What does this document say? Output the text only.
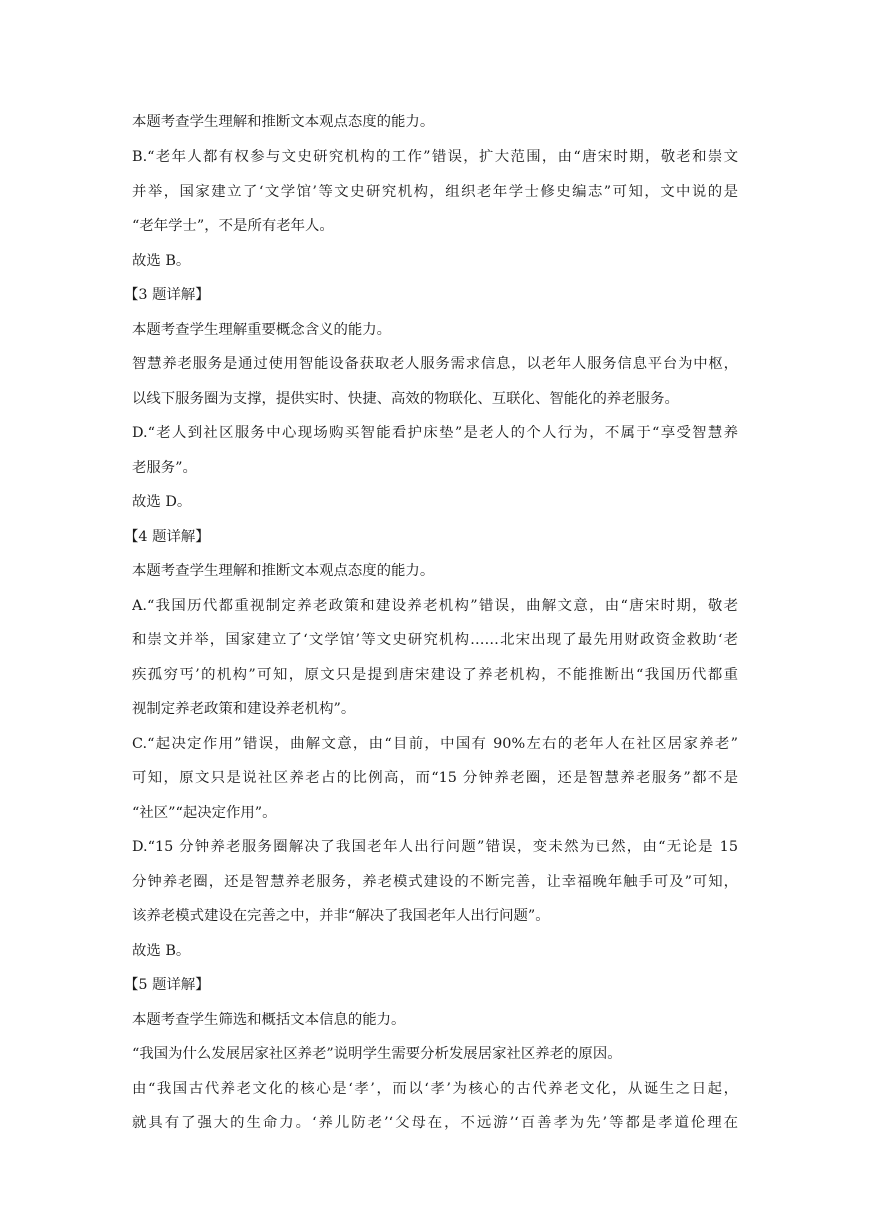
本题考查学生理解和推断文本观点态度的能力。
B.“老年人都有权参与文史研究机构的工作”错误，扩大范围，由“唐宋时期，敬老和崇文
并举，国家建立了‘文学馆’等文史研究机构，组织老年学士修史编志”可知，文中说的是
“老年学士”，不是所有老年人。
故选 B。
【3 题详解】
本题考查学生理解重要概念含义的能力。
智慧养老服务是通过使用智能设备获取老人服务需求信息，以老年人服务信息平台为中枢，
以线下服务圈为支撑，提供实时、快捷、高效的物联化、互联化、智能化的养老服务。
D.“老人到社区服务中心现场购买智能看护床垫”是老人的个人行为，不属于“享受智慧养
老服务”。
故选 D。
【4 题详解】
本题考查学生理解和推断文本观点态度的能力。
A.“我国历代都重视制定养老政策和建设养老机构”错误，曲解文意，由“唐宋时期，敬老
和崇文并举，国家建立了‘文学馆’等文史研究机构……北宋出现了最先用财政资金救助‘老
疾孤穷丐’的机构”可知，原文只是提到唐宋建设了养老机构，不能推断出“我国历代都重
视制定养老政策和建设养老机构”。
C.“起决定作用”错误，曲解文意，由“目前，中国有 90%左右的老年人在社区居家养老”
可知，原文只是说社区养老占的比例高，而“15 分钟养老圈，还是智慧养老服务”都不是
“社区”“起决定作用”。
D.“15 分钟养老服务圈解决了我国老年人出行问题”错误，变未然为已然，由“无论是 15
分钟养老圈，还是智慧养老服务，养老模式建设的不断完善，让幸福晚年触手可及”可知，
该养老模式建设在完善之中，并非“解决了我国老年人出行问题”。
故选 B。
【5 题详解】
本题考查学生筛选和概括文本信息的能力。
“我国为什么发展居家社区养老”说明学生需要分析发展居家社区养老的原因。
由“我国古代养老文化的核心是‘孝’，而以‘孝’为核心的古代养老文化，从诞生之日起，
就具有了强大的生命力。‘养儿防老’‘父母在，不远游’‘百善孝为先’等都是孝道伦理在
